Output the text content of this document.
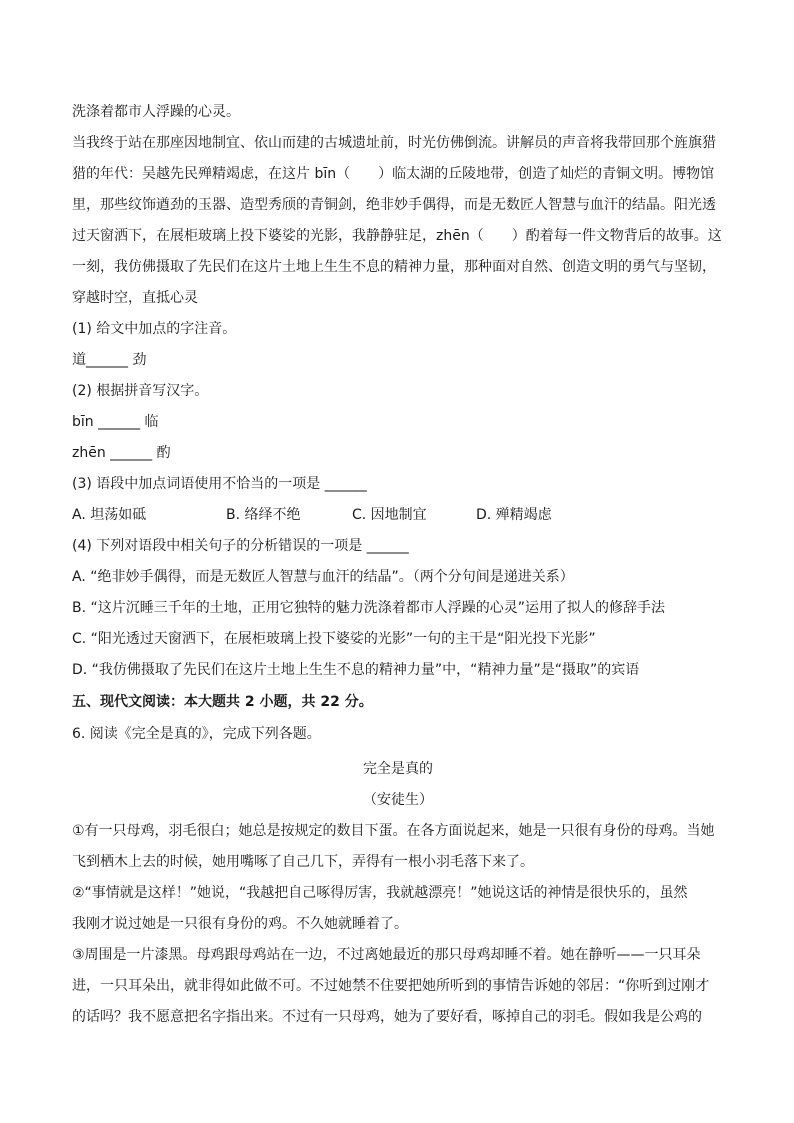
洗涤着都市人浮躁的心灵。
当我终于站在那座因地制宜、依山而建的古城遗址前，时光仿佛倒流。讲解员的声音将我带回那个旌旗猎
猎的年代：吴越先民殚精竭虑，在这片 bīn（　　）临太湖的丘陵地带，创造了灿烂的青铜文明。博物馆
里，那些纹饰遒劲的玉器、造型秀颀的青铜剑，绝非妙手偶得，而是无数匠人智慧与血汗的结晶。阳光透
过天窗洒下，在展柜玻璃上投下婆娑的光影，我静静驻足，zhēn（　　）酌着每一件文物背后的故事。这
一刻，我仿佛摄取了先民们在这片土地上生生不息的精神力量，那种面对自然、创造文明的勇气与坚韧，
穿越时空，直抵心灵
(1) 给文中加点的字注音。
道______ 劲
(2) 根据拼音写汉字。
bīn ______ 临
zhēn ______ 酌
(3) 语段中加点词语使用不恰当的一项是 ______
A. 坦荡如砥	B. 络绎不绝	C. 因地制宜	D. 殚精竭虑
(4) 下列对语段中相关句子的分析错误的一项是 ______
A. “绝非妙手偶得，而是无数匠人智慧与血汗的结晶”。（两个分句间是递进关系）
B. “这片沉睡三千年的土地，正用它独特的魅力洗涤着都市人浮躁的心灵”运用了拟人的修辞手法
C. “阳光透过天窗洒下，在展柜玻璃上投下婆娑的光影”一句的主干是“阳光投下光影”
D. “我仿佛摄取了先民们在这片土地上生生不息的精神力量”中，“精神力量”是“摄取”的宾语
五、现代文阅读：本大题共 2 小题，共 22 分。
6. 阅读《完全是真的》，完成下列各题。
完全是真的
（安徒生）
①有一只母鸡，羽毛很白；她总是按规定的数目下蛋。在各方面说起来，她是一只很有身份的母鸡。当她
飞到栖木上去的时候，她用嘴啄了自己几下，弄得有一根小羽毛落下来了。
②“事情就是这样！”她说，“我越把自己啄得厉害，我就越漂亮！”她说这话的神情是很快乐的，虽然
我刚才说过她是一只很有身份的鸡。不久她就睡着了。
③周围是一片漆黑。母鸡跟母鸡站在一边，不过离她最近的那只母鸡却睡不着。她在静听——一只耳朵
进，一只耳朵出，就非得如此做不可。不过她禁不住要把她所听到的事情告诉她的邻居：“你听到过刚才
的话吗？我不愿意把名字指出来。不过有一只母鸡，她为了要好看，啄掉自己的羽毛。假如我是公鸡的
